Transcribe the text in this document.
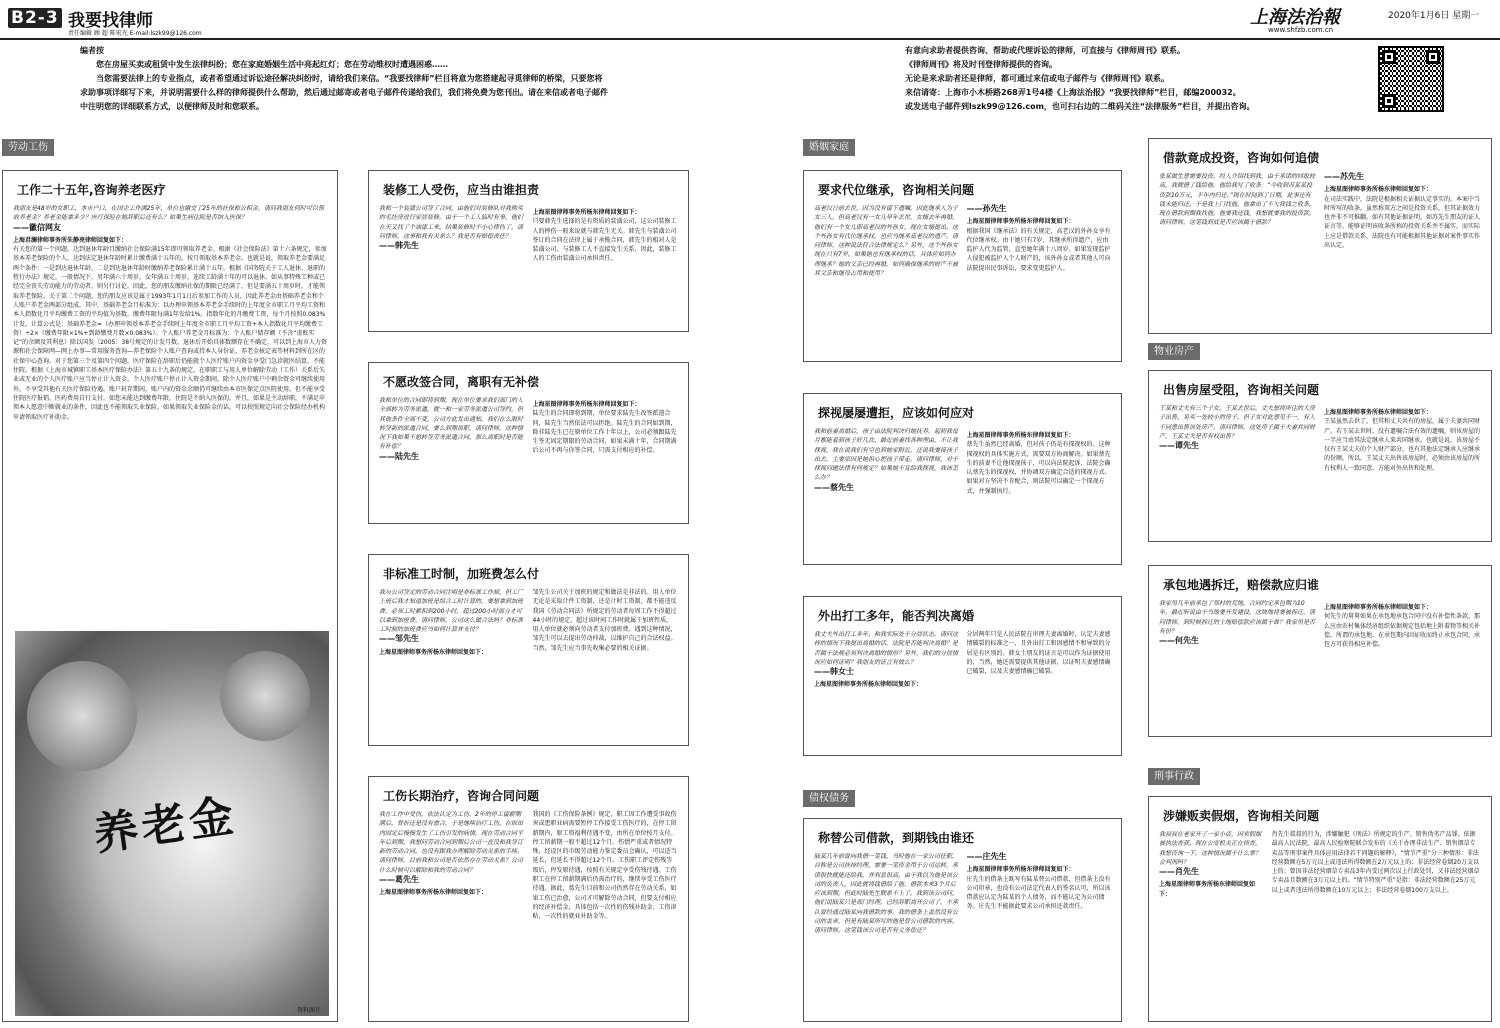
B2-3 我要找律师
责任编辑 顾 超 陈宏光 E-mail:lszk99@126.com
上海法治報
www.shfzb.com.cn
2020年1月6日 星期一
编者按

您在房屋买卖或租赁中发生法律纠纷；您在家庭婚姻生活中亮起红灯；您在劳动维权时遭遇困惑……

当您需要法律上的专业指点，或者希望通过诉讼途径解决纠纷时，请给我们来信。“我要找律师”栏目将意为您搭建起寻觅律师的桥梁，只要您将求助事项详细写下来，并说明需要什么样的律师提供什么帮助，然后通过邮寄或者电子邮件传递给我们，我们将免费为您刊出。请在来信或者电子邮件中注明您的详细联系方式，以便律师及时和您联系。

有意向求助者提供咨询、帮助或代理诉讼的律师，可直接与《律师周刊》联系。
《律师周刊》将及时刊登律师提供的咨询。
无论是来求助者还是律师，都可通过来信或电子邮件与《律师周刊》联系。
来信请寄：上海市小木桥路268弄1号4楼《上海法治报》“我要找律师”栏目，邮编200032。
或发送电子邮件到lszk99@126.com，也可扫右边的二维码关注“法律服务”栏目，并提出咨询。
劳动工伤	婚姻家庭
债权债务
物业房产
刑事行政
工作二十五年,咨询养老医疗
我朋友是48岁的女职工，本市户口，在国企工作满25年，单位也缴交了25年的社保和公积金。请问我朋友何时可以领取养老金？养老金能拿多少？医疗保险在她辞职后还有么？如果生病住院是否纳入医保？
——徽信网友
上海君澜律师事务所朱静亮律师回复如下：
有关您的第一个问题，达到退休年龄且缴纳社会保险满15年即可领取养老金。根据《社会保险法》第十六条规定，参加基本养老保险的个人，达到法定退休年龄时累计缴费满十五年的，按月领取基本养老金。也就是说，领取养老金要满足两个条件：一是到达退休年龄，二是到达退休年龄时缴纳养老保险累计满十五年。根据《国务院关于工人退休、退职的暂行办法》规定，一般情况下，男年满六十周岁，女年满五十周岁，连续工龄满十年的可以退休。如从事特殊工种或已经完全丧失劳动能力的劳动者，则另行讨论。因此，您的朋友缴纳社保的期限已经满了，但是要满五十周岁时，才能领取养老保险。关于第二个问题，您的朋友应该是属于1993年1月1日后参加工作的人员，因此养老金由基础养老金和个人账户养老金两部分组成。其中，基础养老金月标准为：以办理申领基本养老金手续时的上年度全市职工月平均工资和本人指数化月平均缴费工资的平均值为基数，缴费年限每满1年发给1%。指数年化的月缴费工资，每个月按照0.083%计发。计算公式是：基础养老金=（办理申领基本养老金手续时上年度全市职工月平均工资+本人指数化月平均缴费工资）÷2×（缴费年限×1%+到龄缴费月数×0.083%）。个人账户养老金月标准为：个人账户储存额（不含“虚账实记”的余额及其利息）除以国发〔2005〕38号规定的计发月数。退休后开始具体数额存在不确定，可以到上海市人力资源和社会保障网—网上办事—常用服务查询—养老保险个人账户查询或持本人身份证、养老金核定表等材料到所在区的社保中心查询。对于您第三个及第四个问题，医疗保险在辞职后仍能就个人医疗账户内资金享受门急诊就医结算，不能住院。根据《上海市城镇职工基本医疗保险办法》第五十九条的规定，在职职工与用人单位解除劳动（工作）关系后失业或无业的个人医疗账户应当停止计入资金。个人医疗账户停止计入资金期间，除个人医疗账户中剩余资金可继续使用外，不享受其他有关医疗保险待遇。账户封存期间，账户内的资金余额仍可继续由本市医保定点医院使用，但不能享受住院医疗报销，医药费用自行支付。如您未能达到缴费年限，住院是不纳入医保的。并且，如果是主动辞职，不满足申领本人愿意中断就业的条件，因此也不能领取失业保险。如果领取失业保险金的话，可以按照规定向社会保险经办机构申请领取医疗补助金。
养老金
资料图片
装修工人受伤，应当由谁担责
我和一个装潢公司签了合同，由他们对装修队对我购买的毛坯房进行家居装修。由于一个工人临时有事，他们在天又找了个油漆工来，结果装修时不小心摔伤了。请问律师，这事和我有关系么？我是否有赔偿责任？
——韩先生
上海星图律师事务所杨东律师回复如下：
只要韩先生选择的是有资质的装潢公司，这公司装修工人的摔伤一般来说就与韩先生无关。韩先生与装潢公司签订的合同在法律上属于承揽合同，韩先生的相对人是装潢公司，与装修工人不直接发生关系，因此，装修工人的工伤由装潢公司承担责任。
不愿改签合同，离职有无补偿
我和单位的合同即将到期，现在单位要求我们部门的人全部转为劳务派遣，就一和一家劳务派遣公司签约，但其他条件全部不变，公司方此发出通知，我们在么限时转签新的派遣合同，要么到期离职。请问律师，这种情况下我如果不愿转签劳务派遣合同，那么离职时是否能有补偿？
——陆先生
上海星图律师事务所杨东律师回复如下：
陆先生的合同即将到期，单位要求陆先生改签派遣合同，陆先生当然依法可以拒绝。陆先生的合同如到期，除非陆先生已在原单位工作十年以上，公司必须跟陆先生签无固定期限的劳动合同，如果未满十年，合同期满后公司不再与你签合同，只需支付相应的补偿。
非标准工时制，加班费怎么付
我与公司签定的劳动合同注明是非标准工作制，但工厂上班后我才知道加班是综合工时计算的，要想拿到加班费，必须工时累积到200小时，超过200小时部分才可以拿到加班费。请问律师，公司这么做合法吗？非标准工时制的加班费应当如何计算并支付？
——邹先生
上海星图律师事务所杨东律师回复如下：
邹先生公司关于加班的规定和做法是非法的。用人单位无论是采取计件工资制，还是计时工资制，都不能违反我国《劳动合同法》所规定的劳动者每周工作不得超过44小时的规定，超过该时间工作时就属于加班性质，用人单位就必须向劳动者支付加班费。遇到这种情况，邹先生可以去提出劳动仲裁，以维护自己的合法权益。当然，邹先生应当事先收集必要的相关证据。
工伤长期治疗，咨询合同问题
我在工作中受伤，依法认定为工伤。2年的停工留薪期满后，骨折还是没有愈合，于是继续治疗工伤，在取出内固定后慢慢发生了工伤引发的病情。现在劳动合同半年后到期，我想问劳动合同到期后公司一直没和我签订新的劳动合同，也没有跟我办理解除劳动关系的手续。请问律师，目前我和公司是否依然存在劳动关系？公司什么时候可以解除和我的劳动合同？
——葛先生
上海星图律师事务所杨东律师回复如下：
我国的《工伤保险条例》规定，职工因工作遭受事故伤害或患职业病需要暂停工作接受工伤医疗的，在停工留薪期内，原工资福利待遇不变，由所在单位按月支付。停工留薪期一般不超过12个月。伤情严重或者情况特殊，经设区的市级劳动能力鉴定委员会确认，可以适当延长，但延长不得超过12个月。工伤职工评定伤残等级后，停发原待遇，按照有关规定享受伤残待遇。工伤职工在停工留薪期满后仍需治疗的，继续享受工伤医疗待遇。据此，葛先生目前和公司仍然存在劳动关系，如果工伤已治愈，公司才可解除劳动合同，但要支付相应的经济补偿金，具体包括一次性的伤残补助金、工伤津贴、一次性的就业补助金等。
要求代位继承，咨询相关问题
高老汉日前去世，因为没有留下遗嘱，因此继承人为子女三人，但高老汉有一女儿早年去世，女婿去年再婚，他们有一个女儿即高老汉的外孙女，现在女婿提出，这个外孙女有代位继承权，也应当继承高老汉的遗产。请问律师，这种说法符合法律规定么？另外，这个外孙女现在只有7岁，如果她也有继承权的话，具体应如何办理继承？她的父亲已经再婚，如何确保继承的财产不被其父亲和继母占用和使用？
——孙先生
上海星图律师事务所杨东律师回复如下：
根据我国《继承法》的有关规定，高老汉的外孙女享有代位继承权。由于她只有7岁，其继承所得遗产，应由监护人代为监管，直至她年满十八周岁。如果发现监护人侵犯被监护人个人财产的，该外孙女或者其他人可向法院提出民事诉讼，要求变更监护人。
探视屡屡遭拒，应该如何应对
我和前妻离婚后，孩子由法院判决归她抚养。起初我每月都能看到孩子好几次，最近前妻找各种理由，不让我探视，我在说我们有空也到她家附近，还说我要接孩子出去，主要原因是她担心把孩子带走。请问律师，对于探视问题法律有何规定？如果她不肯给我探视，我该怎么办？
——蔡先生
上海星图律师事务所杨东律师回复如下：
蔡先生虽然已经离婚，但对孩子仍是有探视权的。这种探视权的具体实施方式，需要双方协商解决。如果蔡先生的前妻不让他探视孩子，可以向法院起诉，法院会确认蔡先生的探视权，并协调双方确定合适的探视方式。如果对方坚决不肯配合，则法院可以确定一个探视方式，并强制执行。
外出打工多年，能否判决离婚
我丈夫外出打工多年，和我实际处于分居状态。请问这样的情况下我提出离婚的话，法院是否能判决离婚？是否属于法规必须判决离婚的情形？另外，我们的分居情况应如何证明？我朋友的证言有效么？
——韩女士
上海星图律师事务所杨东律师回复如下：
分居两年只是人民法院在审理夫妻离婚时，认定夫妻感情破裂的标准之一，且外出打工和因感情不和导致的分居是有区别的。韩女士朋友的证言是可以作为证据使用的，当然，她还需要提供其他证据，以证明夫妻感情确已破裂，以及夫妻感情确已破裂。
称替公司借款，到期钱由谁还
陆某几年前曾向我借一笔钱，当时他在一家公司任职，自称是公司扶持经理，需要一笔资金用于公司运转，承诺很快就能还给我，并利息很高。由于我以为他是该公司的负责人，因此就将钱借给了他。借款本来3个月后应该到期，但此时陆先生联系不上了，我到该公司问，他们说陆某只是部门经理，已经辞职离开公司了，不承认曾经通过陆某向我借款的事。我的借条上盖然没有公司的盖章，但是有陆某所写的他是替公司借款的内容。请问律师，这笔钱该公司是否有义务偿还？
——庄先生
上海星图律师事务所杨东律师回复如下：
庄先生的借条上既写有陆某替公司借款，但借条上没有公司印章，也没有公司法定代表人的签名认可，所以该借款应认定为陆某的个人债务，而不能认定为公司债务。庄先生不能据此要求公司承担还款责任。
借款竟成投资，咨询如何追债
张某做生意需要投资，经人介绍找到我，由于承诺的回报较高，我就借了钱给他，他给我写了收条：“今收到苏某某投资款10万元，半年内归还。”现在时间到了日期，此事还有钱未能归还，于是我上门找他，他拿出了不欠我钱之收条，现在借款到期我找他，他要我还钱，我想就要我的投资款。请问律师，这笔钱到底是否应该属于借款？
——苏先生
上海星图律师事务所杨东律师回复如下：
在司法实践中，法院是根据相关证据认定事实的。本案中当时所写的收条，虽然称双方之间是投资关系，但其证据效力也并非不可推翻。如有其他证据证明，如苏先生朋友的证人证言等，能够证明该收条所称的投资关系并不属实，而实际上应是借款关系，法院也有可能根据其他证据对案件事实作出认定。
出售房屋受阻，咨询相关问题
王某和丈夫有三个子女，王某去世后，丈夫想将所住的大房子出售，另买一处较小的房子。但子女对此意见不一，有人不同意出售该处房产。请问律师，这处房子属于夫妻共同财产，王某丈夫是否有权出售？
——谭先生
上海星图律师事务所杨东律师回复如下：
王某虽然去世了，但其和丈夫共有的房屋，属于夫妻共同财产。若王某去世时，没有遗嘱合法有效的遗嘱，则该房屋的一半应当由其法定继承人来共同继承。也就是说，该房屋不仅有王某丈夫的个人财产部分，也有其他法定继承人应继承的份额。所以，王某丈夫出售该房屋时，必须由该房屋的所有权利人一致同意，方能对外出售和处理。
承包地遇拆迁，赔偿款应归谁
我家男几年前承包了邻村的荒地，合同约定承包期为10年。最近听说由于当地要开发建设，这块地将要被拆迁。请问律师，到时候拆迁的土地赔偿款应该属于谁？我家男是否有份？
——何先生
上海星图律师事务所杨东律师回复如下：
何先生的舅舅如果在承包地承包合同中没有补偿性条款，那么应由农村集体经济组织依据规定包括地上附着物等相关补偿。所谓的承包地，在承包期内因征收而终止承包合同，承包方可获得相应补偿。
涉嫌贩卖假烟，咨询相关问题
我叔叔在老家开了一家小店，因卖假烟被执法查获，现在公安机关正在侦查，我想咨询一下，这种情况属于什么罪？会判刑吗？
——肖先生
上海星图律师事务所杨东律师回复如下：
肖先生叔叔的行为，涉嫌触犯《刑法》所规定的生产、销售伪劣产品罪。依据最高人民法院、最高人民检察院联合发布的《关于办理非法生产、销售烟草专卖品等刑事案件具体应用法律若干问题的解释》，“情节严重”分三种情形：非法经营数额在5万元以上或违法所得数额在2万元以上的；非法经营卷烟20万支以上的；曾因非法经营烟草专卖品3年内受过两次以上行政处罚，又非法经营烟草专卖品且数额在3万元以上的。“情节特别严重”是指：非法经营数额在25万元以上或者违法所得数额在10万元以上；非法经营卷烟100万支以上。
